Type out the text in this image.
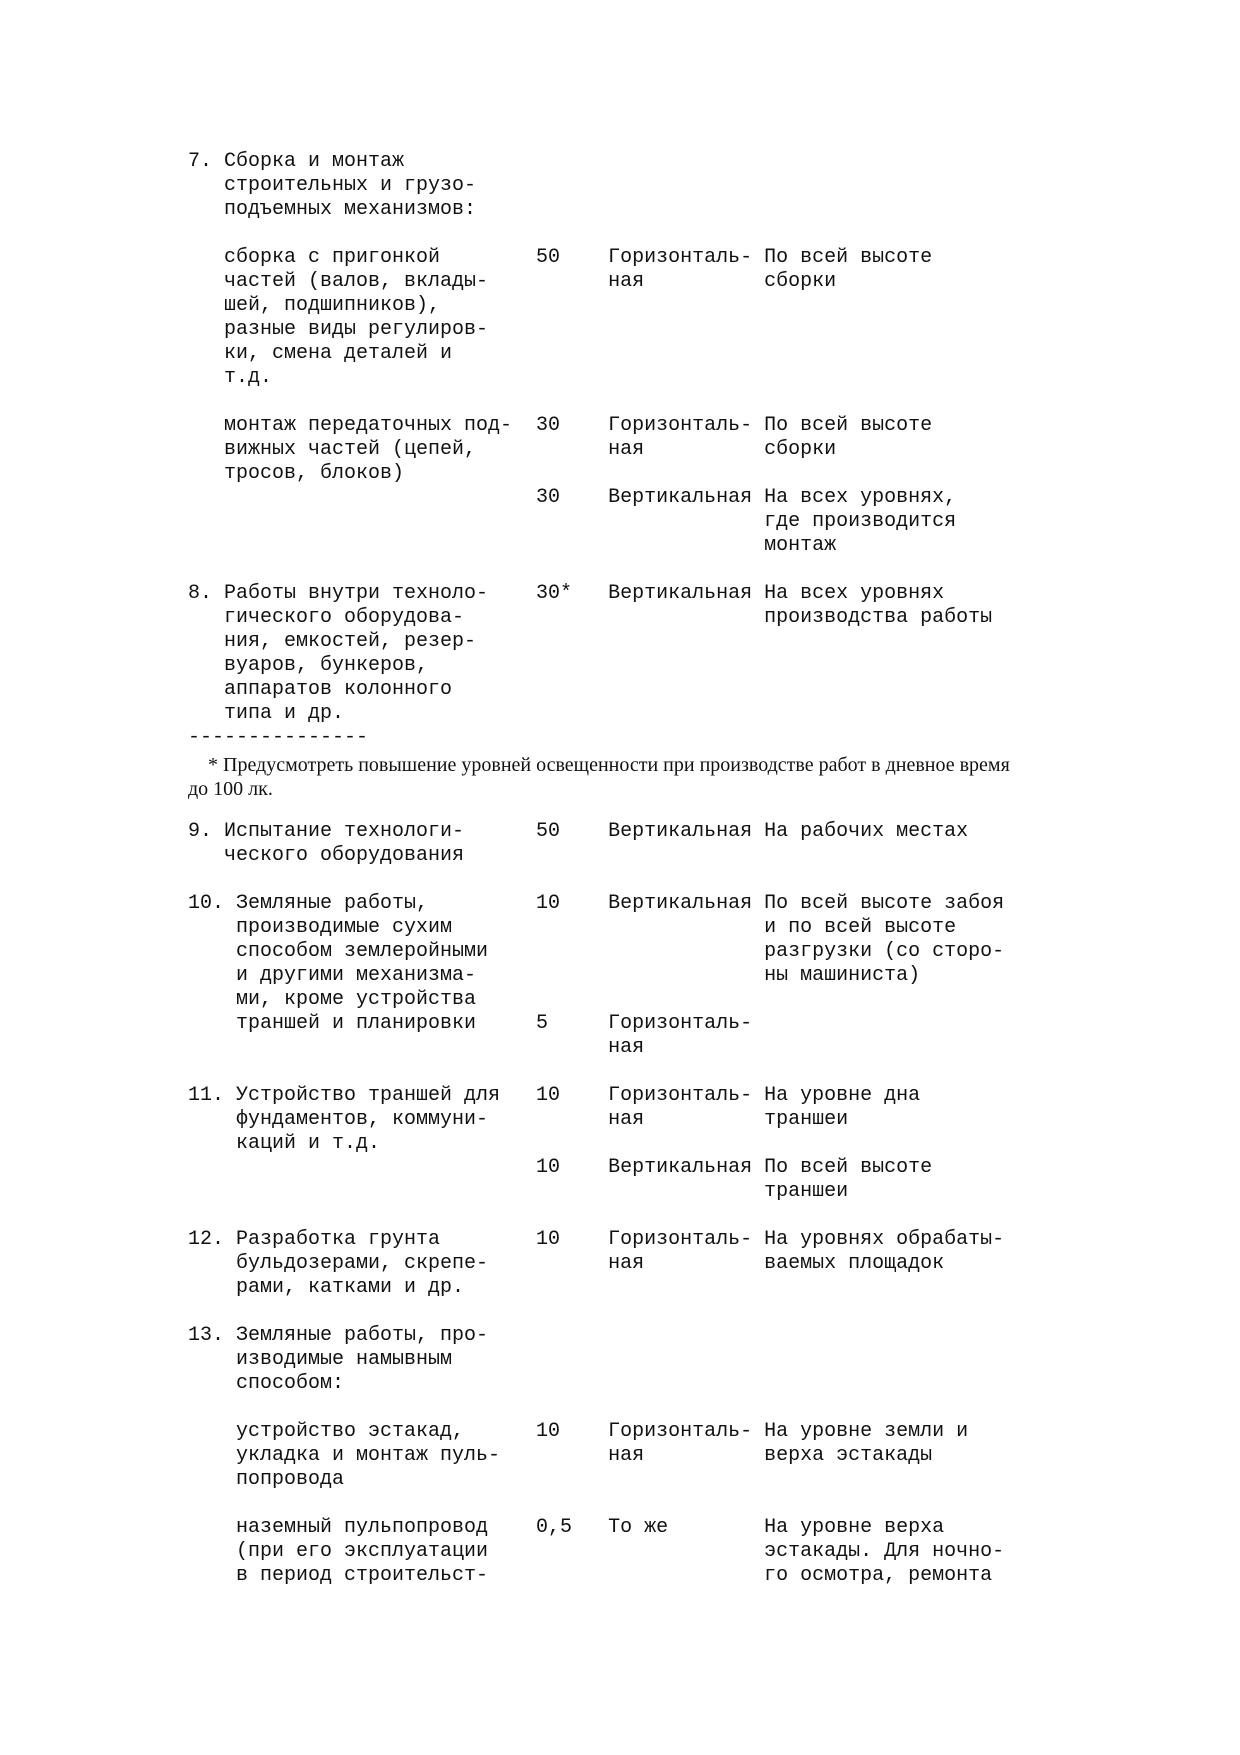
7. Сборка и монтаж
строительных и грузо-
подъемных механизмов:

сборка с пригонкой        50    Горизонталь- По всей высоте
частей (валов, вклады-          ная          сборки
шей, подшипников),
разные виды регулиров-
ки, смена деталей и
т.д.

монтаж передаточных под-  30    Горизонталь- По всей высоте
вижных частей (цепей,           ная          сборки
тросов, блоков)
30    Вертикальная На всех уровнях,
где производится
монтаж

8. Работы внутри техноло-    30*   Вертикальная На всех уровнях
гического оборудова-                         производства работы
ния, емкостей, резер-
вуаров, бункеров,
аппаратов колонного
типа и др.
---------------
* Предусмотреть повышение уровней освещенности при производстве работ в дневное время
до 100 лк.
9. Испытание технологи-      50    Вертикальная На рабочих местах
ческого оборудования

10. Земляные работы,         10    Вертикальная По всей высоте забоя
производимые сухим                          и по всей высоте
способом землеройными                       разгрузки (со сторо-
и другими механизма-                        ны машиниста)
ми, кроме устройства
траншей и планировки     5     Горизонталь-
ная

11. Устройство траншей для   10    Горизонталь- На уровне дна
фундаментов, коммуни-          ная          траншеи
каций и т.д.
10    Вертикальная По всей высоте
траншеи

12. Разработка грунта        10    Горизонталь- На уровнях обрабаты-
бульдозерами, скрепе-          ная          ваемых площадок
рами, катками и др.

13. Земляные работы, про-
изводимые намывным
способом:

устройство эстакад,      10    Горизонталь- На уровне земли и
укладка и монтаж пуль-         ная          верха эстакады
попровода

наземный пульпопровод    0,5   То же        На уровне верха
(при его эксплуатации                       эстакады. Для ночно-
в период строительст-                       го осмотра, ремонта
